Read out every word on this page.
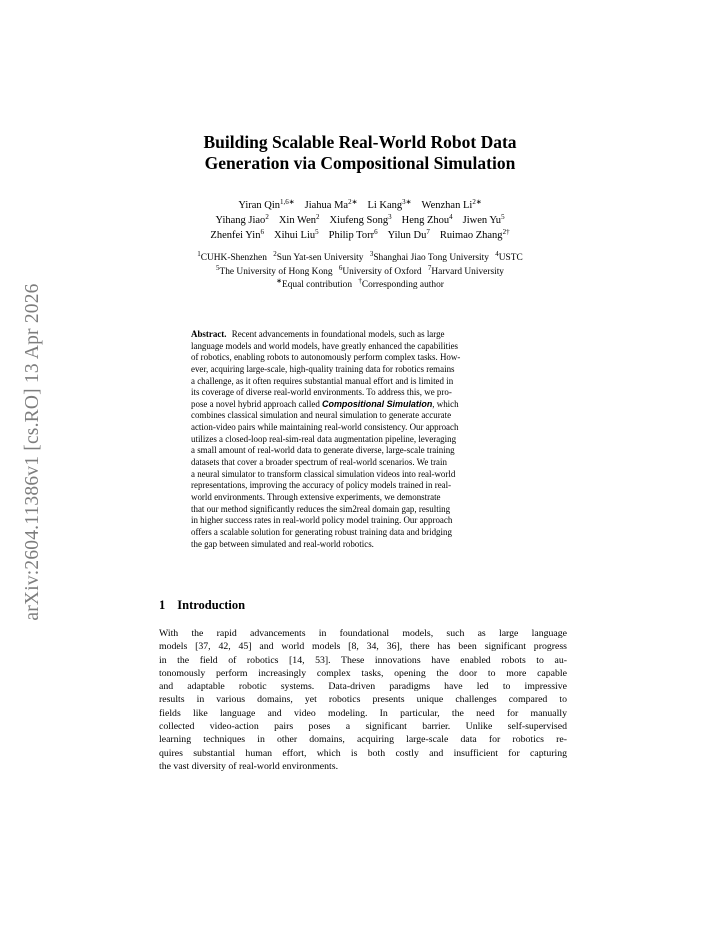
arXiv:2604.11386v1 [cs.RO] 13 Apr 2026
Building Scalable Real-World Robot Data
Generation via Compositional Simulation
Yiran Qin$^{1,6∗}$ Jiahua $Ma^{2∗}$ Li Kang$^{3∗}$ Wenzhan $Li^{2∗}$
Yihang Jiao$^2$ Xin Wen$^2$ Xiufeng Song$^3$ Heng Zhou$^4$ Jiwen Yu$^5$
Zhenfei Yin$^6$ Xihui Liu$^5$ Philip Torr$^6$ Yilun Du$^7$ Ruimao Zhang$^{2\dagger}$
$^1$CUHK-Shenzhen $^2$Sun Yat-sen University $^3$Shanghai Jiao Tong University $^4$USTC
$^5$The University of Hong Kong $^6$University of Oxford $^7$Harvard University
∗Equal contribution †Corresponding author
Abstract. Recent advancements in foundational models, such as large
language models and world models, have greatly enhanced the capabilities
of robotics, enabling robots to autonomously perform complex tasks. How-
ever, acquiring large-scale, high-quality training data for robotics remains
a challenge, as it often requires substantial manual effort and is limited in
its coverage of diverse real-world environments. To address this, we pro-
pose a novel hybrid approach called Compositional Simulation, which
combines classical simulation and neural simulation to generate accurate
action-video pairs while maintaining real-world consistency. Our approach
utilizes a closed-loop real-sim-real data augmentation pipeline, leveraging
a small amount of real-world data to generate diverse, large-scale training
datasets that cover a broader spectrum of real-world scenarios. We train
a neural simulator to transform classical simulation videos into real-world
representations, improving the accuracy of policy models trained in real-
world environments. Through extensive experiments, we demonstrate
that our method significantly reduces the sim2real domain gap, resulting
in higher success rates in real-world policy model training. Our approach
offers a scalable solution for generating robust training data and bridging
the gap between simulated and real-world robotics.
1 Introduction
With the rapid advancements in foundational models, such as large language
models [37, 42, 45] and world models [8, 34, 36], there has been significant progress
in the field of robotics [14, 53]. These innovations have enabled robots to au-
tonomously perform increasingly complex tasks, opening the door to more capable
and adaptable robotic systems. Data-driven paradigms have led to impressive
results in various domains, yet robotics presents unique challenges compared to
fields like language and video modeling. In particular, the need for manually
collected video-action pairs poses a significant barrier. Unlike self-supervised
learning techniques in other domains, acquiring large-scale data for robotics re-
quires substantial human effort, which is both costly and insufficient for capturing
the vast diversity of real-world environments.
